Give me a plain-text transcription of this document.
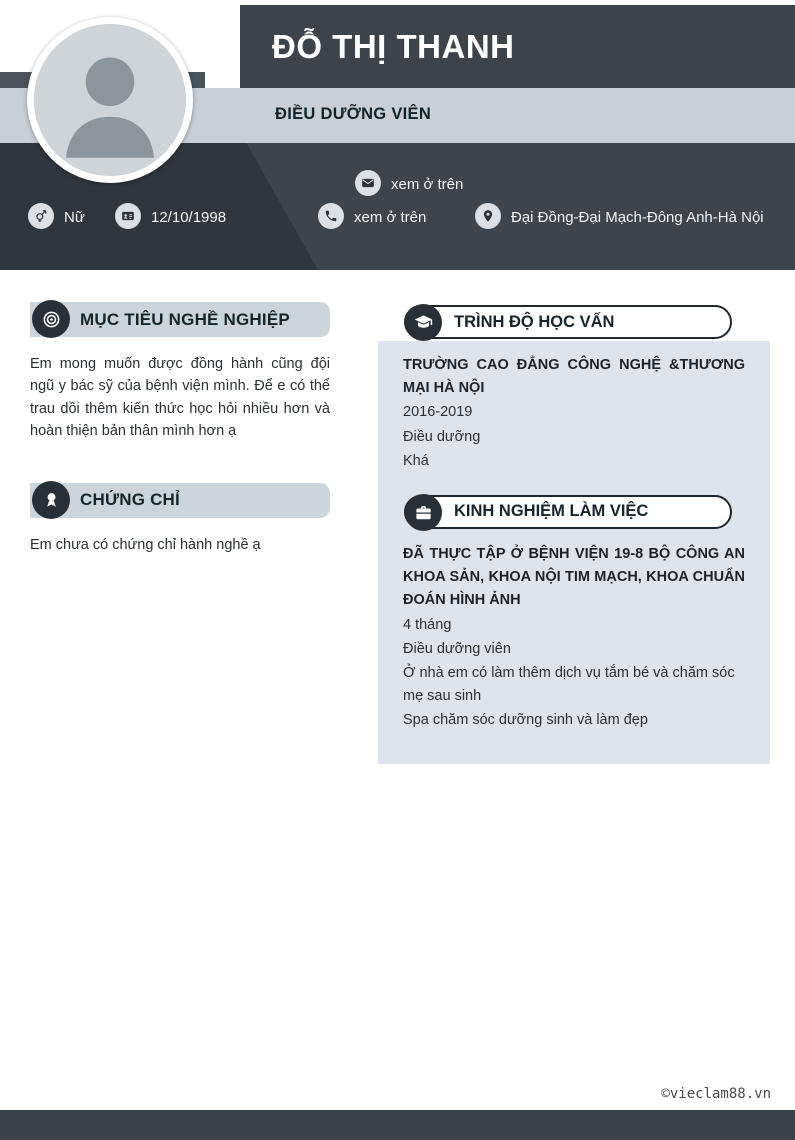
ĐỖ THỊ THANH
ĐIỀU DƯỠNG VIÊN
xem ở trên
Nữ	12/10/1998	xem ở trên	Đại Đồng-Đại Mạch-Đông Anh-Hà Nội
MỤC TIÊU NGHỀ NGHIỆP

Em mong muốn được đồng hành cũng đội ngũ y bác sỹ của bệnh viện mình. Để e có thể trau dồi thêm kiến thức học hỏi nhiều hơn và hoàn thiện bản thân mình hơn ạ

CHỨNG CHỈ

Em chưa có chứng chỉ hành nghề ạ

TRÌNH ĐỘ HỌC VẤN
TRƯỜNG CAO ĐẲNG CÔNG NGHỆ &THƯƠNG MẠI HÀ NỘI
2016-2019
Điều dưỡng
Khá
KINH NGHIỆM LÀM VIỆC
ĐÃ THỰC TẬP Ở BỆNH VIỆN 19-8 BỘ CÔNG AN KHOA SẢN, KHOA NỘI TIM MẠCH, KHOA CHUẨN ĐOÁN HÌNH ẢNH
4 tháng
Điều dưỡng viên
Ở nhà em có làm thêm dịch vụ tắm bé và chăm sóc mẹ sau sinh
Spa chăm sóc dưỡng sinh và làm đẹp
©vieclam88.vn
